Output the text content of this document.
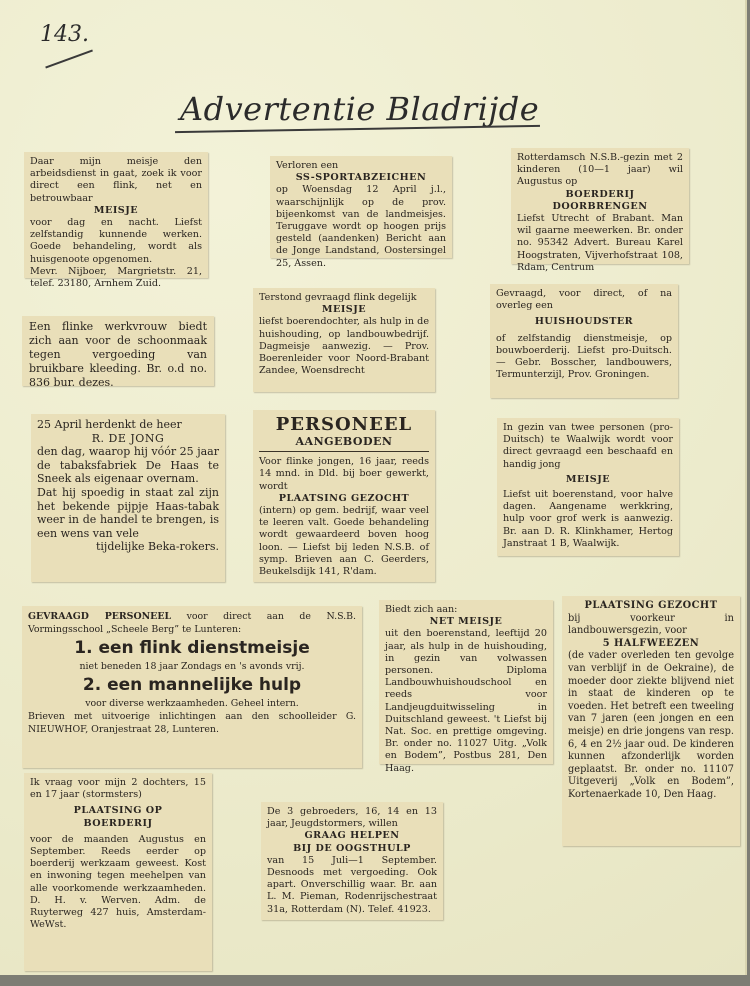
143.
Advertentie Bladrijde

Daar mijn meisje den arbeidsdienst in gaat, zoek ik voor direct een flink, net en betrouwbaar

MEISJE

voor dag en nacht. Liefst zelfstandig kunnende werken. Goede behandeling, wordt als huisgenoote opgenomen.

Mevr. Nijboer, Margrietstr. 21, telef. 23180, Arnhem Zuid.

Verloren een

SS-SPORTABZEICHEN

op Woensdag 12 April j.l., waarschijnlijk op de prov. bijeenkomst van de landmeisjes. Teruggave wordt op hoogen prijs gesteld (aandenken) Bericht aan de Jonge Landstand, Oostersingel 25, Assen.

Rotterdamsch N.S.B.-gezin met 2 kinderen (10—1 jaar) wil Augustus op

BOERDERIJ

DOORBRENGEN

Liefst Utrecht of Brabant. Man wil gaarne meewerken. Br. onder no. 95342 Advert. Bureau Karel Hoogstraten, Vijverhofstraat 108, Rdam, Centrum

Een flinke werkvrouw biedt zich aan voor de schoonmaak tegen vergoeding van bruikbare kleeding. Br. o.d no. 836 bur. dezes.

Terstond gevraagd flink degelijk

MEISJE

liefst boerendochter, als hulp in de huishouding, op landbouwbedrijf. Dagmeisje aanwezig. — Prov. Boerenleider voor Noord-Brabant Zandee, Woensdrecht

Gevraagd, voor direct, of na overleg een

HUISHOUDSTER

of zelfstandig dienstmeisje, op bouwboerderij. Liefst pro-Duitsch. — Gebr. Bosscher, landbouwers, Termunterzijl, Prov. Groningen.

25 April herdenkt de heer

R. DE JONG

den dag, waarop hij vóór 25 jaar de tabaksfabriek De Haas te Sneek als eigenaar overnam.

Dat hij spoedig in staat zal zijn het bekende pijpje Haas-tabak weer in de handel te brengen, is een wens van vele

tijdelijke Beka-rokers.

PERSONEEL

AANGEBODEN

Voor flinke jongen, 16 jaar, reeds 14 mnd. in Dld. bij boer gewerkt, wordt

PLAATSING GEZOCHT

(intern) op gem. bedrijf, waar veel te leeren valt. Goede behandeling wordt gewaardeerd boven hoog loon. — Liefst bij leden N.S.B. of symp. Brieven aan C. Geerders, Beukelsdijk 141, R'dam.

In gezin van twee personen (pro-Duitsch) te Waalwijk wordt voor direct gevraagd een beschaafd en handig jong

MEISJE

Liefst uit boerenstand, voor halve dagen. Aangename werkkring, hulp voor grof werk is aanwezig. Br. aan D. R. Klinkhamer, Hertog Janstraat 1 B, Waalwijk.

GEVRAAGD PERSONEEL voor direct aan de N.S.B. Vormingsschool „Scheele Berg” te Lunteren:

1. een flink dienstmeisje

niet beneden 18 jaar Zondags en 's avonds vrij.

2. een mannelijke hulp

voor diverse werkzaamheden. Geheel intern.

Brieven met uitvoerige inlichtingen aan den schoolleider G. NIEUWHOF, Oranjestraat 28, Lunteren.

Biedt zich aan:

NET MEISJE

uit den boerenstand, leeftijd 20 jaar, als hulp in de huishouding, in gezin van volwassen personen. Diploma Landbouwhuishoudschool en reeds voor Landjeugduitwisseling in Duitschland geweest. 't Liefst bij Nat. Soc. en prettige omgeving. Br. onder no. 11027 Uitg. „Volk en Bodem”, Postbus 281, Den Haag.

PLAATSING GEZOCHT

bij voorkeur in landbouwersgezin, voor

5 HALFWEEZEN

(de vader overleden ten gevolge van verblijf in de Oekraine), de moeder door ziekte blijvend niet in staat de kinderen op te voeden. Het betreft een tweeling van 7 jaren (een jongen en een meisje) en drie jongens van resp. 6, 4 en 2½ jaar oud. De kinderen kunnen afzonderlijk worden geplaatst. Br. onder no. 11107 Uitgeverij „Volk en Bodem”, Kortenaerkade 10, Den Haag.

Ik vraag voor mijn 2 dochters, 15 en 17 jaar (stormsters)

PLAATSING OP

BOERDERIJ

voor de maanden Augustus en September. Reeds eerder op boerderij werkzaam geweest. Kost en inwoning tegen meehelpen van alle voorkomende werkzaamheden. D. H. v. Werven. Adm. de Ruyterweg 427 huis, Amsterdam-WeWst.

De 3 gebroeders, 16, 14 en 13 jaar, Jeugdstormers, willen

GRAAG HELPEN

BIJ DE OOGSTHULP

van 15 Juli—1 September. Desnoods met vergoeding. Ook apart. Onverschillig waar. Br. aan L. M. Pieman, Rodenrijschestraat 31a, Rotterdam (N). Telef. 41923.
